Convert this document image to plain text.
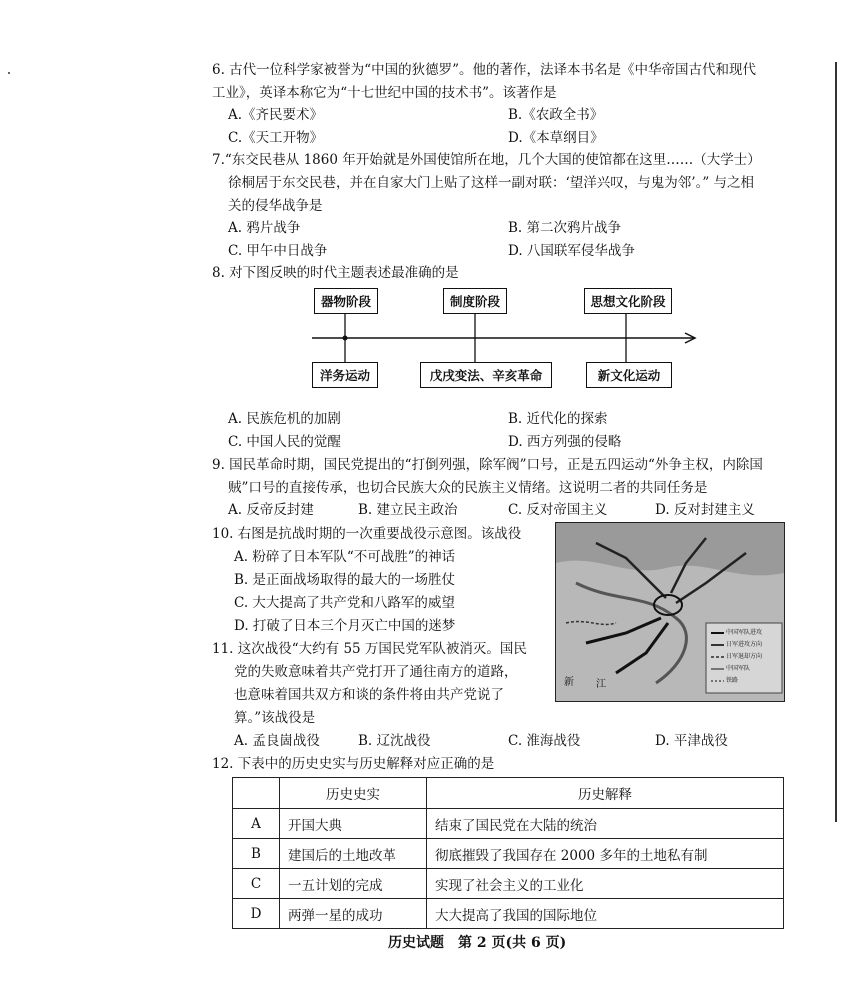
6. 古代一位科学家被誉为“中国的狄德罗”。他的著作，法译本书名是《中华帝国古代和现代
工业》，英译本称它为“十七世纪中国的技术书”。该著作是
A.《齐民要术》	B.《农政全书》
C.《天工开物》	D.《本草纲目》
7.“东交民巷从 1860 年开始就是外国使馆所在地，几个大国的使馆都在这里……（大学士）
徐桐居于东交民巷，并在自家大门上贴了这样一副对联：‘望洋兴叹，与鬼为邻’。” 与之相
关的侵华战争是
A. 鸦片战争	B. 第二次鸦片战争
C. 甲午中日战争	D. 八国联军侵华战争
8. 对下图反映的时代主题表述最准确的是
器物阶段	制度阶段	思想文化阶段
洋务运动	戊戌变法、辛亥革命	新文化运动
A. 民族危机的加剧	B. 近代化的探索
C. 中国人民的觉醒	D. 西方列强的侵略
9. 国民革命时期，国民党提出的“打倒列强，除军阀”口号，正是五四运动“外争主权，内除国
贼”口号的直接传承，也切合民族大众的民族主义情绪。这说明二者的共同任务是
A. 反帝反封建	B. 建立民主政治	C. 反对帝国主义	D. 反对封建主义
10. 右图是抗战时期的一次重要战役示意图。该战役
A. 粉碎了日本军队“不可战胜”的神话
B. 是正面战场取得的最大的一场胜仗
C. 大大提高了共产党和八路军的威望
D. 打破了日本三个月灭亡中国的迷梦
新 江
中国军队进攻
日军进攻方向
日军退却方向
中国军队
铁路
11. 这次战役“大约有 55 万国民党军队被消灭。国民
党的失败意味着共产党打开了通往南方的道路，
也意味着国共双方和谈的条件将由共产党说了
算。”该战役是
A. 孟良崮战役	B. 辽沈战役	C. 淮海战役	D. 平津战役
12. 下表中的历史史实与历史解释对应正确的是
	历史史实	历史解释
A	开国大典	结束了国民党在大陆的统治
B	建国后的土地改革	彻底摧毁了我国存在 2000 多年的土地私有制
C	一五计划的完成	实现了社会主义的工业化
D	两弹一星的成功	大大提高了我国的国际地位
历史试题　第 2 页(共 6 页)
